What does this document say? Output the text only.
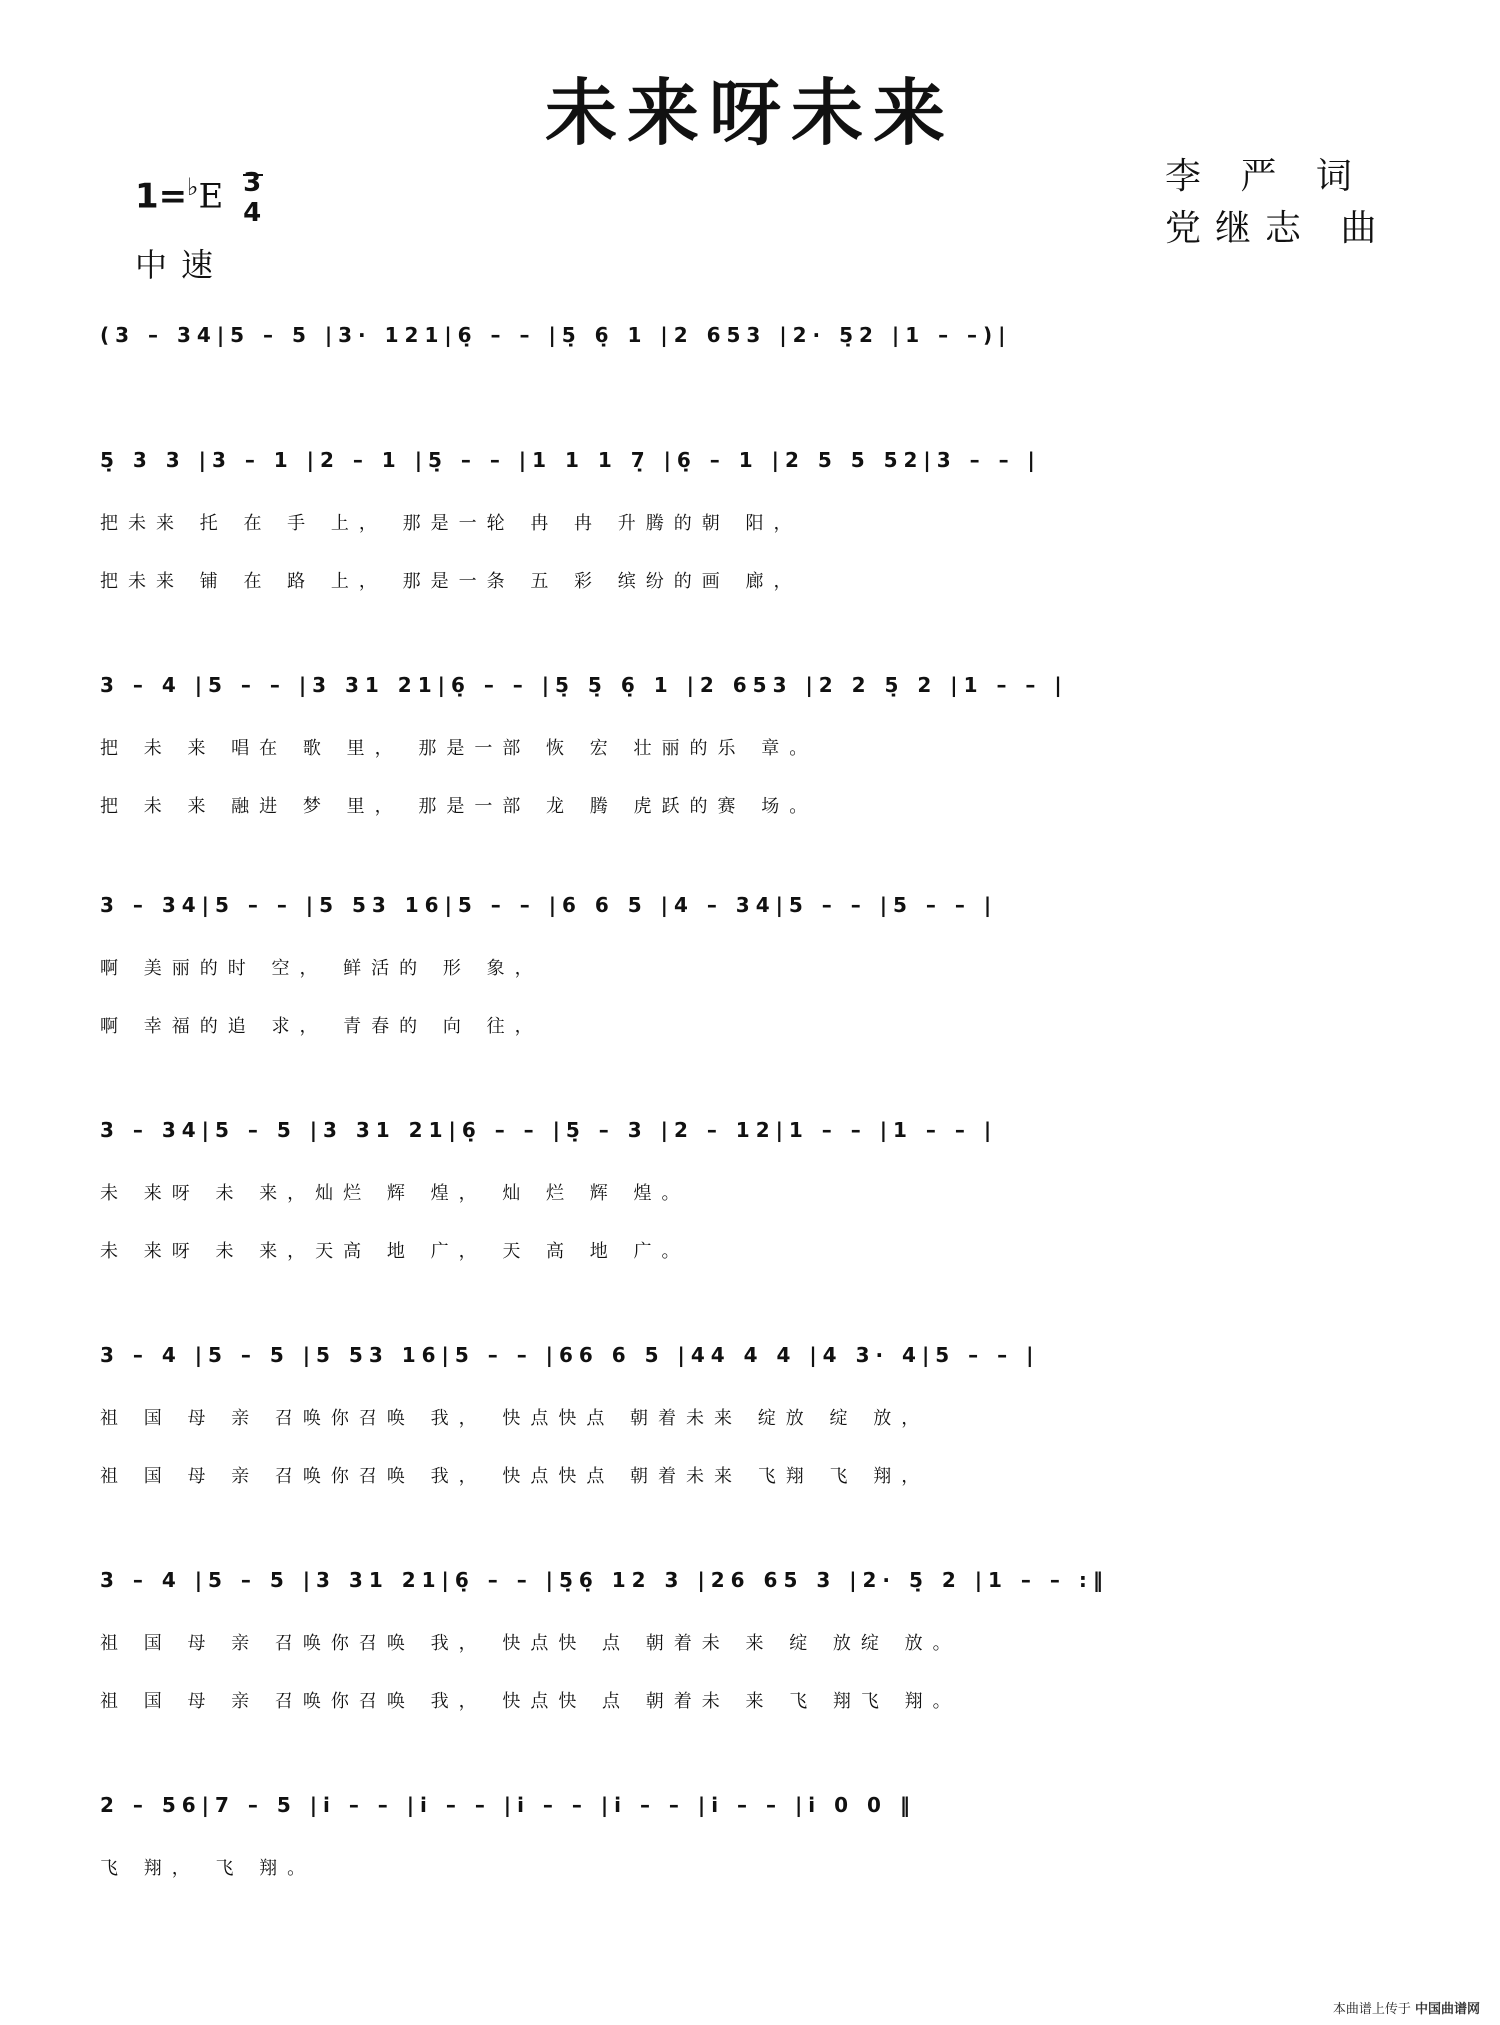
未来呀未来
$1=^♭E \frac{3}{4}$
中速
李 严 词
党继志 曲
(3 – 34|5 – 5 |3· 121|6̣ – – |5̣ 6̣ 1 |2 653 |2· 5̣2 |1 – –)|
5̣ 3 3 |3 – 1 |2 – 1 |5̣ – – |1 1 1 7̣ |6̣ – 1 |2 5 5 52|3 – – |
把未来 托 在 手 上， 那是一轮 冉 冉 升腾的朝 阳，
把未来 铺 在 路 上， 那是一条 五 彩 缤纷的画 廊，
3 – 4 |5 – – |3 31 21|6̣ – – |5̣ 5̣ 6̣ 1 |2 653 |2 2 5̣ 2 |1 – – |
把 未 来 唱在 歌 里， 那是一部 恢 宏 壮丽的乐 章。
把 未 来 融进 梦 里， 那是一部 龙 腾 虎跃的赛 场。
3 – 34|5 – – |5 53 16|5 – – |6 6 5 |4 – 34|5 – – |5 – – |
啊 美丽的时 空， 鲜活的 形 象，
啊 幸福的追 求， 青春的 向 往，
3 – 34|5 – 5 |3 31 21|6̣ – – |5̣ – 3 |2 – 12|1 – – |1 – – |
未 来呀 未 来，灿烂 辉 煌， 灿 烂 辉 煌。
未 来呀 未 来，天高 地 广， 天 高 地 广。
3 – 4 |5 – 5 |5 53 16|5 – – |66 6 5 |44 4 4 |4 3· 4|5 – – |
祖 国 母 亲 召唤你召唤 我， 快点快点 朝着未来 绽放 绽 放，
祖 国 母 亲 召唤你召唤 我， 快点快点 朝着未来 飞翔 飞 翔，
3 – 4 |5 – 5 |3 31 21|6̣ – – |5̣6̣ 12 3 |26 65 3 |2· 5̣ 2 |1 – – :‖
祖 国 母 亲 召唤你召唤 我， 快点快 点 朝着未 来 绽 放绽 放。
祖 国 母 亲 召唤你召唤 我， 快点快 点 朝着未 来 飞 翔飞 翔。
2 – 56|7 – 5 |i̇ – – |i̇ – – |i̇ – – |i̇ – – |i̇ – – |i̇ 0 0 ‖
飞 翔， 飞 翔。
本曲谱上传于 中国曲谱网
